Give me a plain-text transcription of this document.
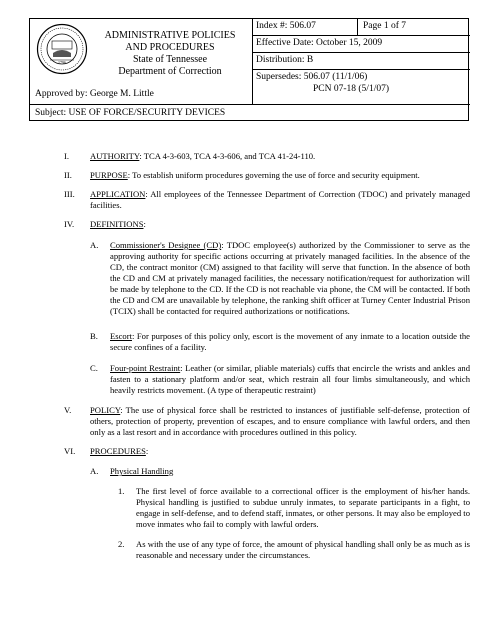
1796
ADMINISTRATIVE POLICIES
AND PROCEDURES
State of Tennessee
Department of Correction
Approved by: George M. Little
Index #: 506.07	Page 1 of 7
Effective Date: October 15, 2009
Distribution: B
Supersedes: 506.07 (11/1/06)
PCN 07-18 (5/1/07)
Subject: USE OF FORCE/SECURITY DEVICES
I. AUTHORITY: TCA 4-3-603, TCA 4-3-606, and TCA 41-24-110.
II. PURPOSE: To establish uniform procedures governing the use of force and security equipment.
III. APPLICATION: All employees of the Tennessee Department of Correction (TDOC) and privately managed facilities.
IV. DEFINITIONS:
A. Commissioner's Designee (CD): TDOC employee(s) authorized by the Commissioner to serve as the approving authority for specific actions occurring at privately managed facilities. In the absence of the CD, the contract monitor (CM) assigned to that facility will serve that function. In the absence of both the CD and CM at privately managed facilities, the necessary notification/request for authorization will be made by telephone to the CD. If the CD is not reachable via phone, the CM will be contacted. If both the CD and CM are unavailable by telephone, the ranking shift officer at Turney Center Industrial Prison (TCIX) shall be contacted for required authorizations or notifications.
B. Escort: For purposes of this policy only, escort is the movement of any inmate to a location outside the secure confines of a facility.
C. Four-point Restraint: Leather (or similar, pliable materials) cuffs that encircle the wrists and ankles and fasten to a stationary platform and/or seat, which restrain all four limbs simultaneously, and which heavily restricts movement. (A type of therapeutic restraint)
V. POLICY: The use of physical force shall be restricted to instances of justifiable self-defense, protection of others, protection of property, prevention of escapes, and to ensure compliance with lawful orders, and then only as a last resort and in accordance with procedures outlined in this policy.
VI. PROCEDURES:
A. Physical Handling
1. The first level of force available to a correctional officer is the employment of his/her hands. Physical handling is justified to subdue unruly inmates, to separate participants in a fight, to engage in self-defense, and to defend staff, inmates, or other persons. It may also be employed to move inmates who fail to comply with lawful orders.
2. As with the use of any type of force, the amount of physical handling shall only be as much as is reasonable and necessary under the circumstances.
